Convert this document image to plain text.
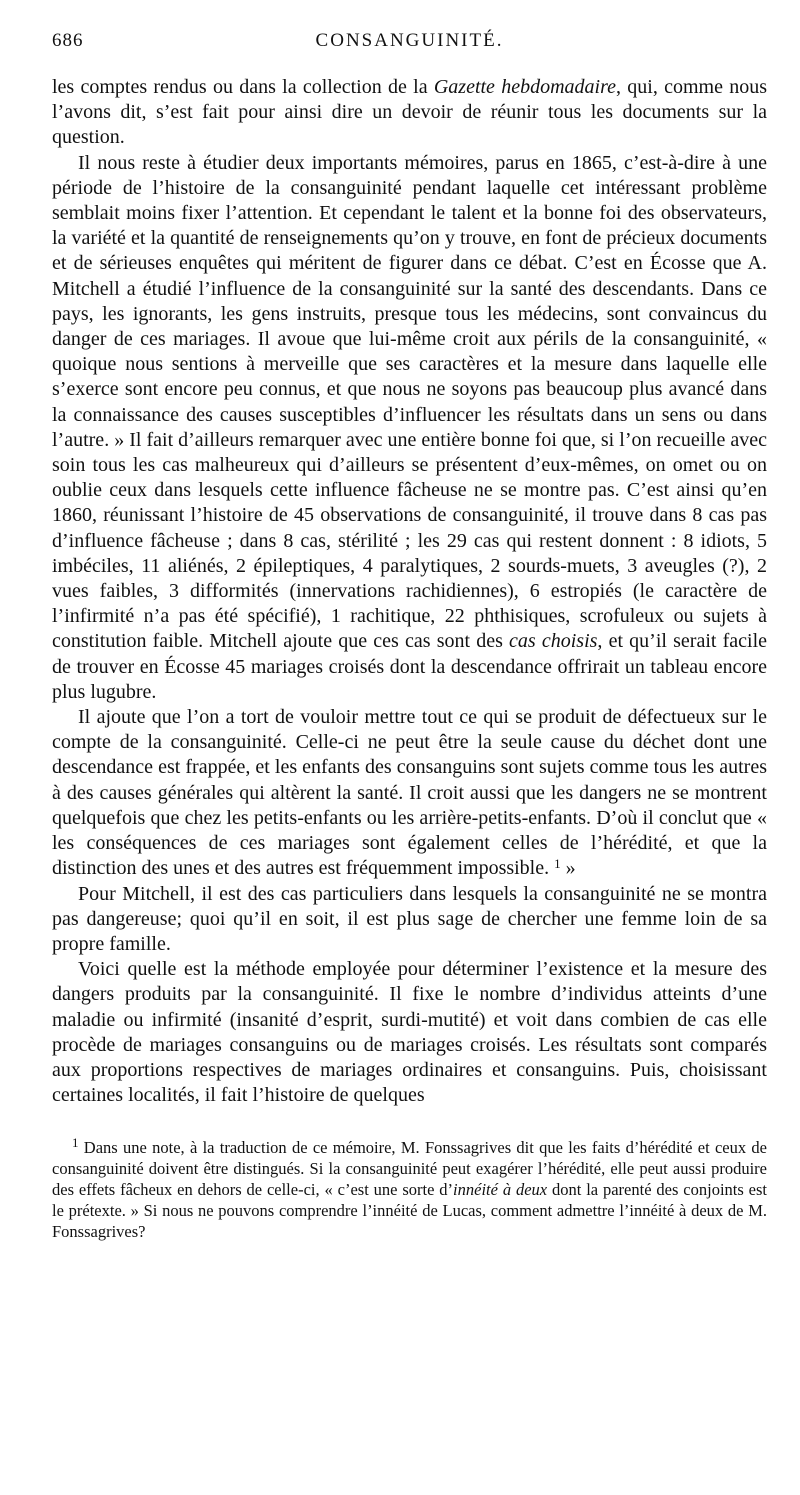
686	CONSANGUINITÉ.

les comptes rendus ou dans la collection de la Gazette hebdomadaire, qui, comme nous l’avons dit, s’est fait pour ainsi dire un devoir de réunir tous les documents sur la question.

Il nous reste à étudier deux importants mémoires, parus en 1865, c’est-à-dire à une période de l’histoire de la consanguinité pendant laquelle cet intéressant problème semblait moins fixer l’attention. Et cependant le talent et la bonne foi des observateurs, la variété et la quantité de renseignements qu’on y trouve, en font de précieux documents et de sérieuses enquêtes qui méritent de figurer dans ce débat. C’est en Écosse que A. Mitchell a étudié l’influence de la consanguinité sur la santé des descendants. Dans ce pays, les ignorants, les gens instruits, presque tous les médecins, sont convaincus du danger de ces mariages. Il avoue que lui-même croit aux périls de la consanguinité, « quoique nous sentions à merveille que ses caractères et la mesure dans laquelle elle s’exerce sont encore peu connus, et que nous ne soyons pas beaucoup plus avancé dans la connaissance des causes susceptibles d’influencer les résultats dans un sens ou dans l’autre. » Il fait d’ailleurs remarquer avec une entière bonne foi que, si l’on recueille avec soin tous les cas malheureux qui d’ailleurs se présentent d’eux-mêmes, on omet ou on oublie ceux dans lesquels cette influence fâcheuse ne se montre pas. C’est ainsi qu’en 1860, réunissant l’histoire de 45 observations de consanguinité, il trouve dans 8 cas pas d’influence fâcheuse ; dans 8 cas, stérilité ; les 29 cas qui restent donnent : 8 idiots, 5 imbéciles, 11 aliénés, 2 épileptiques, 4 paralytiques, 2 sourds-muets, 3 aveugles (?), 2 vues faibles, 3 difformités (innervations rachidiennes), 6 estropiés (le caractère de l’infirmité n’a pas été spécifié), 1 rachitique, 22 phthisiques, scrofuleux ou sujets à constitution faible. Mitchell ajoute que ces cas sont des cas choisis, et qu’il serait facile de trouver en Écosse 45 mariages croisés dont la descendance offrirait un tableau encore plus lugubre.

Il ajoute que l’on a tort de vouloir mettre tout ce qui se produit de défectueux sur le compte de la consanguinité. Celle-ci ne peut être la seule cause du déchet dont une descendance est frappée, et les enfants des consanguins sont sujets comme tous les autres à des causes générales qui altèrent la santé. Il croit aussi que les dangers ne se montrent quelquefois que chez les petits-enfants ou les arrière-petits-enfants. D’où il conclut que « les conséquences de ces mariages sont également celles de l’hérédité, et que la distinction des unes et des autres est fréquemment impossible. $^1$ »

Pour Mitchell, il est des cas particuliers dans lesquels la consanguinité ne se montra pas dangereuse; quoi qu’il en soit, il est plus sage de chercher une femme loin de sa propre famille.

Voici quelle est la méthode employée pour déterminer l’existence et la mesure des dangers produits par la consanguinité. Il fixe le nombre d’individus atteints d’une maladie ou infirmité (insanité d’esprit, surdi-mutité) et voit dans combien de cas elle procède de mariages consanguins ou de mariages croisés. Les résultats sont comparés aux proportions respectives de mariages ordinaires et consanguins. Puis, choisissant certaines localités, il fait l’histoire de quelques

$^1$ Dans une note, à la traduction de ce mémoire, M. Fonssagrives dit que les faits d’hérédité et ceux de consanguinité doivent être distingués. Si la consanguinité peut exagérer l’hérédité, elle peut aussi produire des effets fâcheux en dehors de celle-ci, « c’est une sorte d’innéité à deux dont la parenté des conjoints est le prétexte. » Si nous ne pouvons comprendre l’innéité de Lucas, comment admettre l’innéité à deux de M. Fonssagrives?
